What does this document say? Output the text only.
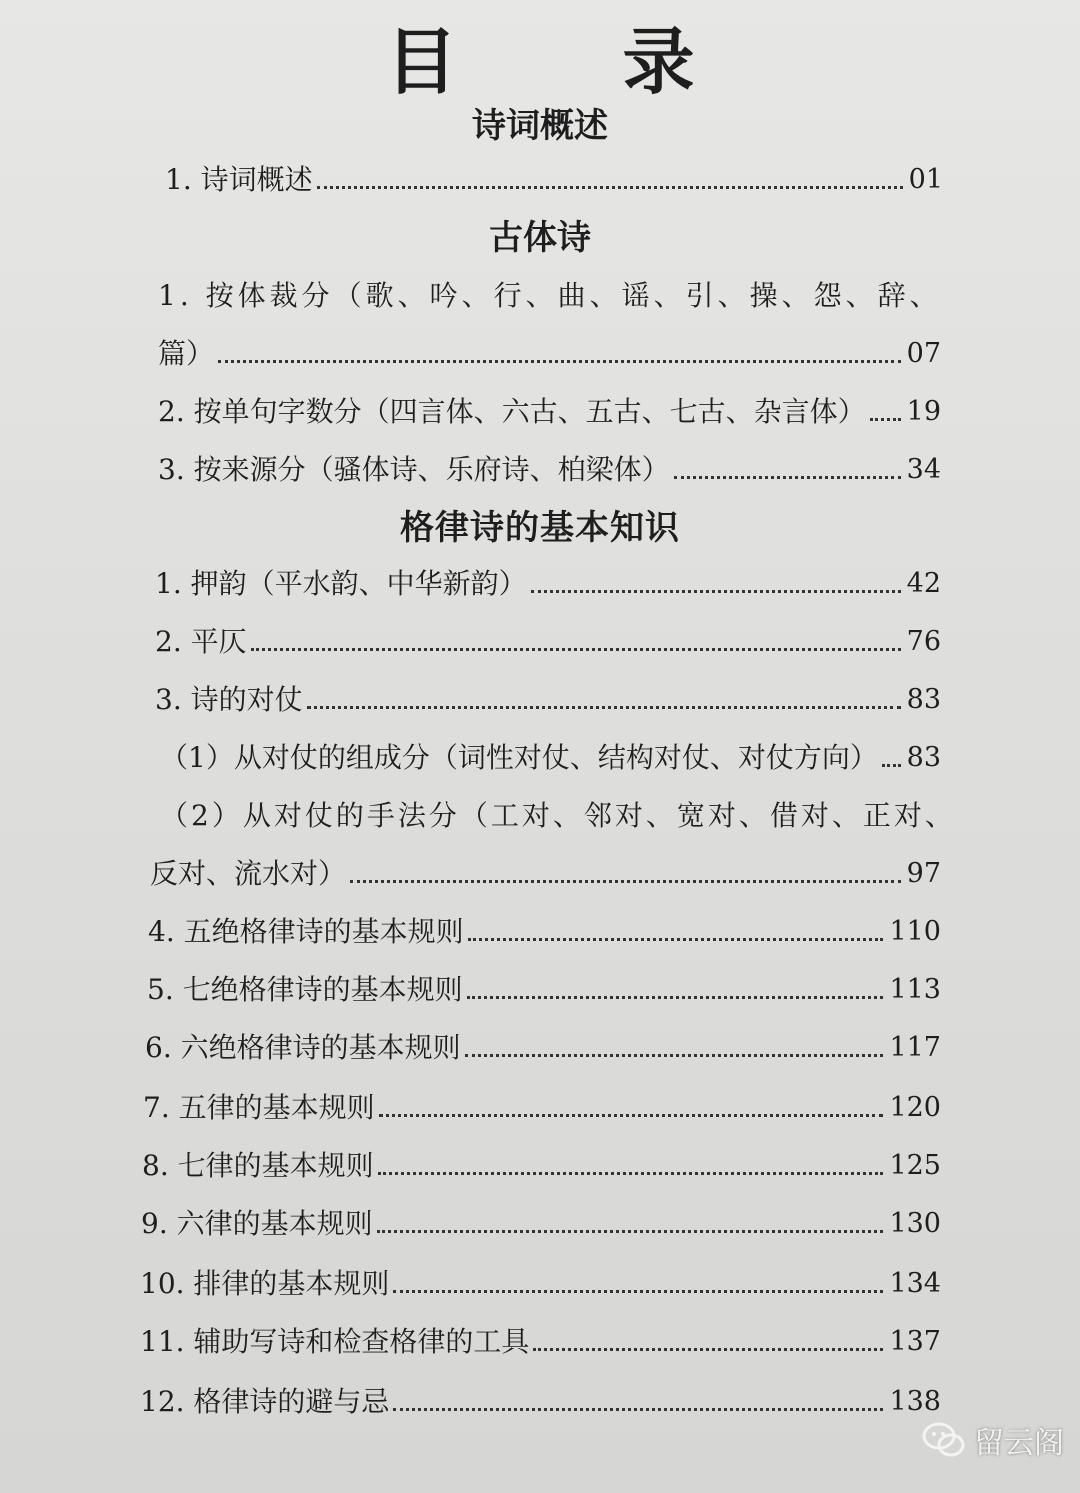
目 录
诗词概述
1. 诗词概述	01
古体诗
1. 按体裁分（歌、吟、行、曲、谣、引、操、怨、辞、
篇）	07
2. 按单句字数分（四言体、六古、五古、七古、杂言体） 19
3. 按来源分（骚体诗、乐府诗、柏梁体）	34
格律诗的基本知识
1. 押韵（平水韵、中华新韵）	42
2. 平仄	76
3. 诗的对仗	83
（1）从对仗的组成分（词性对仗、结构对仗、对仗方向） 83
（2）从对仗的手法分（工对、邻对、宽对、借对、正对、
反对、流水对）	97
4. 五绝格律诗的基本规则	110
5. 七绝格律诗的基本规则	113
6. 六绝格律诗的基本规则	117
7. 五律的基本规则	120
8. 七律的基本规则	125
9. 六律的基本规则	130
10. 排律的基本规则	134
11. 辅助写诗和检查格律的工具	137
12. 格律诗的避与忌	138
留云阁
